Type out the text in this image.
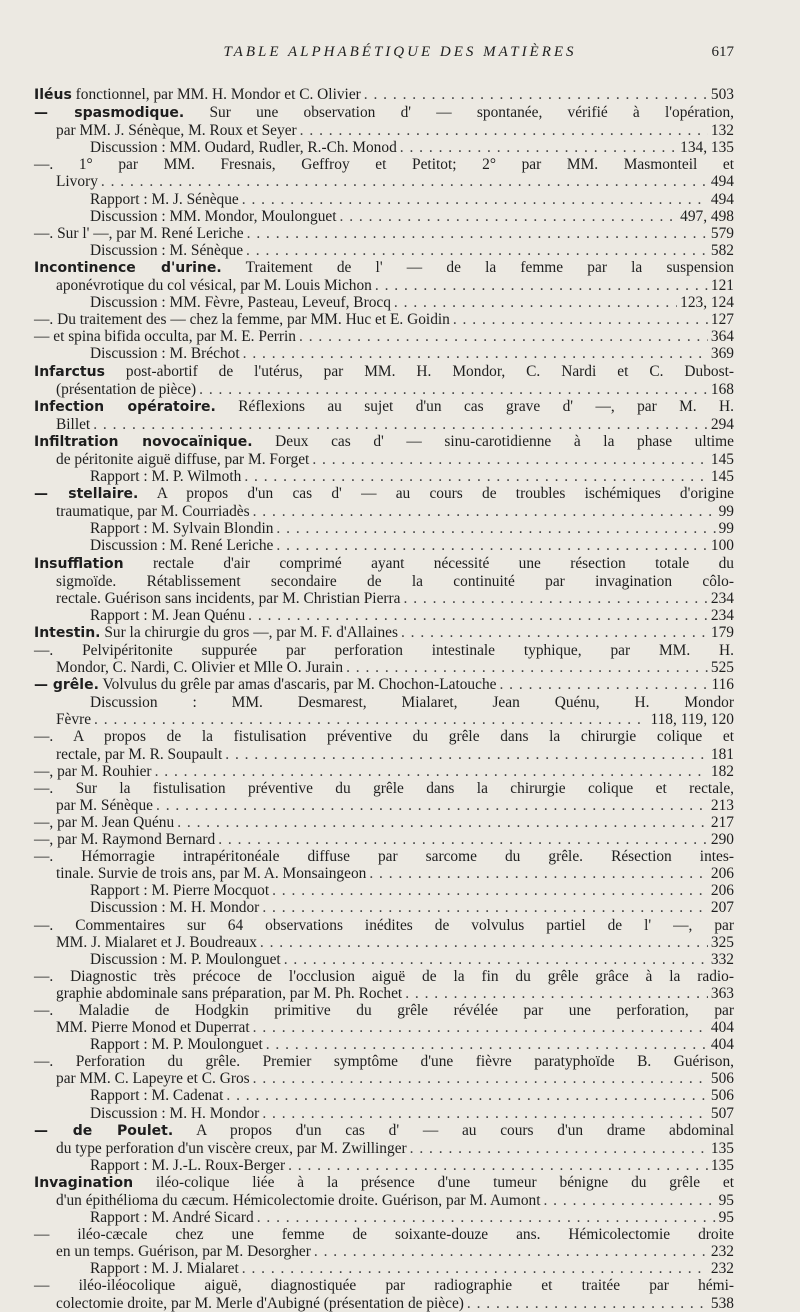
TABLE ALPHABÉTIQUE DES MATIÈRES	617
Iléus fonctionnel, par MM. H. Mondor et C. Olivier . . .	503
— spasmodique. Sur une observation d' — spontanée, vérifié à l'opération,
par MM. J. Sénèque, M. Roux et Seyer . . .	132
Discussion : MM. Oudard, Rudler, R.-Ch. Monod . . .	134, 135
—. 1° par MM. Fresnais, Geffroy et Petitot; 2° par MM. Masmonteil et
Livory . . .	494
Rapport : M. J. Sénèque . . .	494
Discussion : MM. Mondor, Moulonguet . . .	497, 498
—. Sur l' —, par M. René Leriche . . .	579
Discussion : M. Sénèque . . .	582
Incontinence d'urine. Traitement de l' — de la femme par la suspension
aponévrotique du col vésical, par M. Louis Michon . . .	121
Discussion : MM. Fèvre, Pasteau, Leveuf, Brocq . . .	123, 124
—. Du traitement des — chez la femme, par MM. Huc et E. Goidin . . .	127
— et spina bifida occulta, par M. E. Perrin . . .	364
Discussion : M. Bréchot . . .	369
Infarctus post-abortif de l'utérus, par MM. H. Mondor, C. Nardi et C. Dubost-
(présentation de pièce) . . .	168
Infection opératoire. Réflexions au sujet d'un cas grave d' —, par M. H.
Billet . . .	294
Infiltration novocaïnique. Deux cas d' — sinu-carotidienne à la phase ultime
de péritonite aiguë diffuse, par M. Forget . . .	145
Rapport : M. P. Wilmoth . . .	145
— stellaire. A propos d'un cas d' — au cours de troubles ischémiques d'origine
traumatique, par M. Courriadès . . .	99
Rapport : M. Sylvain Blondin . . .	99
Discussion : M. René Leriche . . .	100
Insufflation rectale d'air comprimé ayant nécessité une résection totale du
sigmoïde. Rétablissement secondaire de la continuité par invagination côlo-
rectale. Guérison sans incidents, par M. Christian Pierra . . .	234
Rapport : M. Jean Quénu . . .	234
Intestin. Sur la chirurgie du gros —, par M. F. d'Allaines . . .	179
—. Pelvipéritonite suppurée par perforation intestinale typhique, par MM. H.
Mondor, C. Nardi, C. Olivier et Mlle O. Jurain . . .	525
— grêle. Volvulus du grêle par amas d'ascaris, par M. Chochon-Latouche . . .	116
Discussion : MM. Desmarest, Mialaret, Jean Quénu, H. Mondor
Fèvre . . .	118, 119, 120
—. A propos de la fistulisation préventive du grêle dans la chirurgie colique et
rectale, par M. R. Soupault . . .	181
—, par M. Rouhier . . .	182
—. Sur la fistulisation préventive du grêle dans la chirurgie colique et rectale,
par M. Sénèque . . .	213
—, par M. Jean Quénu . . .	217
—, par M. Raymond Bernard . . .	290
—. Hémorragie intrapéritonéale diffuse par sarcome du grêle. Résection intes-
tinale. Survie de trois ans, par M. A. Monsaingeon . . .	206
Rapport : M. Pierre Mocquot . . .	206
Discussion : M. H. Mondor . . .	207
—. Commentaires sur 64 observations inédites de volvulus partiel de l' —, par
MM. J. Mialaret et J. Boudreaux . . .	325
Discussion : M. P. Moulonguet . . .	332
—. Diagnostic très précoce de l'occlusion aiguë de la fin du grêle grâce à la radio-
graphie abdominale sans préparation, par M. Ph. Rochet . . .	363
—. Maladie de Hodgkin primitive du grêle révélée par une perforation, par
MM. Pierre Monod et Duperrat . . .	404
Rapport : M. P. Moulonguet . . .	404
—. Perforation du grêle. Premier symptôme d'une fièvre paratyphoïde B. Guérison,
par MM. C. Lapeyre et C. Gros . . .	506
Rapport : M. Cadenat . . .	506
Discussion : M. H. Mondor . . .	507
— de Poulet. A propos d'un cas d' — au cours d'un drame abdominal
du type perforation d'un viscère creux, par M. Zwillinger . . .	135
Rapport : M. J.-L. Roux-Berger . . .	135
Invagination iléo-colique liée à la présence d'une tumeur bénigne du grêle et
d'un épithélioma du cæcum. Hémicolectomie droite. Guérison, par M. Aumont . . .	95
Rapport : M. André Sicard . . .	95
— iléo-cæcale chez une femme de soixante-douze ans. Hémicolectomie droite
en un temps. Guérison, par M. Desorgher . . .	232
Rapport : M. J. Mialaret . . .	232
— iléo-iléocolique aiguë, diagnostiquée par radiographie et traitée par hémi-
colectomie droite, par M. Merle d'Aubigné (présentation de pièce) . . .	538
